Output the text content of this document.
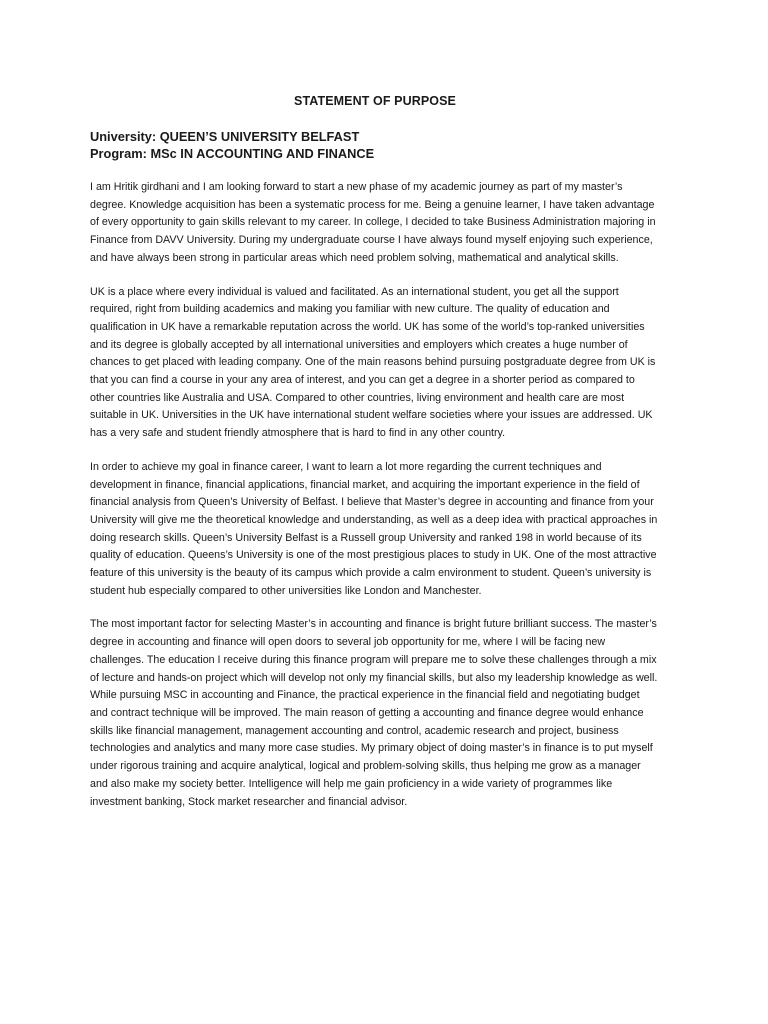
STATEMENT OF PURPOSE

University: QUEEN’S UNIVERSITY BELFAST

Program: MSc IN ACCOUNTING AND FINANCE

I am Hritik girdhani and I am looking forward to start a new phase of my academic journey as part of my master’s degree. Knowledge acquisition has been a systematic process for me. Being a genuine learner, I have taken advantage of every opportunity to gain skills relevant to my career. In college, I decided to take Business Administration majoring in Finance from DAVV University. During my undergraduate course I have always found myself enjoying such experience, and have always been strong in particular areas which need problem solving, mathematical and analytical skills.

UK is a place where every individual is valued and facilitated. As an international student, you get all the support required, right from building academics and making you familiar with new culture. The quality of education and qualification in UK have a remarkable reputation across the world. UK has some of the world’s top-ranked universities and its degree is globally accepted by all international universities and employers which creates a huge number of chances to get placed with leading company. One of the main reasons behind pursuing postgraduate degree from UK is that you can find a course in your any area of interest, and you can get a degree in a shorter period as compared to other countries like Australia and USA. Compared to other countries, living environment and health care are most suitable in UK. Universities in the UK have international student welfare societies where your issues are addressed. UK has a very safe and student friendly atmosphere that is hard to find in any other country.

In order to achieve my goal in finance career, I want to learn a lot more regarding the current techniques and development in finance, financial applications, financial market, and acquiring the important experience in the field of financial analysis from Queen’s University of Belfast. I believe that Master’s degree in accounting and finance from your University will give me the theoretical knowledge and understanding, as well as a deep idea with practical approaches in doing research skills. Queen’s University Belfast is a Russell group University and ranked 198 in world because of its quality of education. Queens’s University is one of the most prestigious places to study in UK. One of the most attractive feature of this university is the beauty of its campus which provide a calm environment to student. Queen’s university is student hub especially compared to other universities like London and Manchester.

The most important factor for selecting Master’s in accounting and finance is bright future brilliant success. The master’s degree in accounting and finance will open doors to several job opportunity for me, where I will be facing new challenges. The education I receive during this finance program will prepare me to solve these challenges through a mix of lecture and hands-on project which will develop not only my financial skills, but also my leadership knowledge as well. While pursuing MSC in accounting and Finance, the practical experience in the financial field and negotiating budget and contract technique will be improved. The main reason of getting a accounting and finance degree would enhance skills like financial management, management accounting and control, academic research and project, business technologies and analytics and many more case studies. My primary object of doing master’s in finance is to put myself under rigorous training and acquire analytical, logical and problem-solving skills, thus helping me grow as a manager and also make my society better. Intelligence will help me gain proficiency in a wide variety of programmes like investment banking, Stock market researcher and financial advisor.
